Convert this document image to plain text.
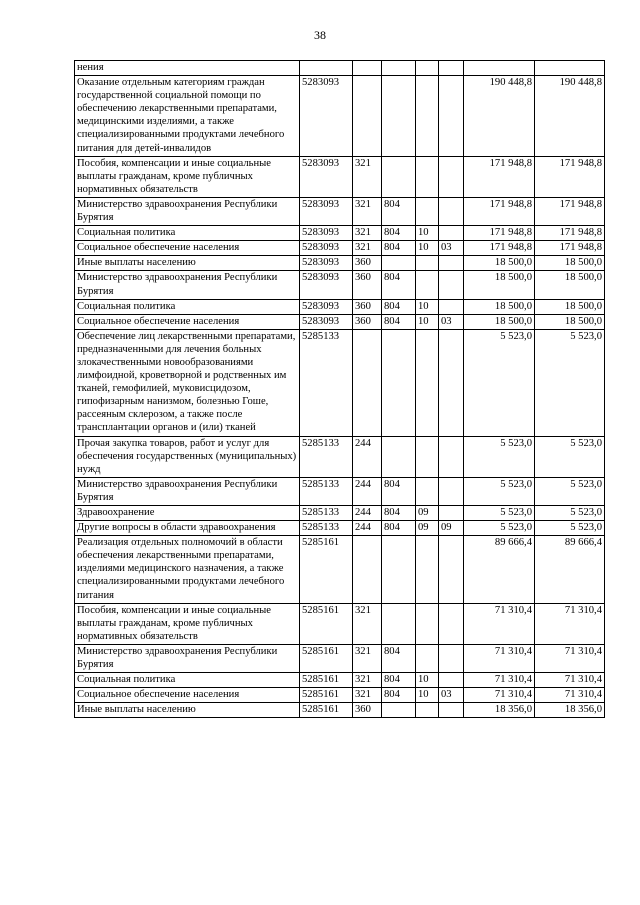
38
нения							
Оказание отдельным категориям граждан государственной социальной помощи по обеспечению лекарственными препаратами, медицинскими изделиями, а также специализированными продуктами лечебного питания для детей-инвалидов	5283093					190 448,8	190 448,8
Пособия, компенсации и иные социальные выплаты гражданам, кроме публичных нормативных обязательств	5283093	321				171 948,8	171 948,8
Министерство здравоохранения Республики Бурятия	5283093	321	804			171 948,8	171 948,8
Социальная политика	5283093	321	804	10		171 948,8	171 948,8
Социальное обеспечение населения	5283093	321	804	10	03	171 948,8	171 948,8
Иные выплаты населению	5283093	360				18 500,0	18 500,0
Министерство здравоохранения Республики Бурятия	5283093	360	804			18 500,0	18 500,0
Социальная политика	5283093	360	804	10		18 500,0	18 500,0
Социальное обеспечение населения	5283093	360	804	10	03	18 500,0	18 500,0
Обеспечение лиц лекарственными препаратами, предназначенными для лечения больных злокачественными новообразованиями лимфоидной, кроветворной и родственных им тканей, гемофилией, муковисцидозом, гипофизарным нанизмом, болезнью Гоше, рассеяным склерозом, а также после трансплантации органов и (или) тканей	5285133					5 523,0	5 523,0
Прочая закупка товаров, работ и услуг для обеспечения государственных (муниципальных) нужд	5285133	244				5 523,0	5 523,0
Министерство здравоохранения Республики Бурятия	5285133	244	804			5 523,0	5 523,0
Здравоохранение	5285133	244	804	09		5 523,0	5 523,0
Другие вопросы в области здравоохранения	5285133	244	804	09	09	5 523,0	5 523,0
Реализация отдельных полномочий в области обеспечения лекарственными препаратами, изделиями медицинского назначения, а также специализированными продуктами лечебного питания	5285161					89 666,4	89 666,4
Пособия, компенсации и иные социальные выплаты гражданам, кроме публичных нормативных обязательств	5285161	321				71 310,4	71 310,4
Министерство здравоохранения Республики Бурятия	5285161	321	804			71 310,4	71 310,4
Социальная политика	5285161	321	804	10		71 310,4	71 310,4
Социальное обеспечение населения	5285161	321	804	10	03	71 310,4	71 310,4
Иные выплаты населению	5285161	360				18 356,0	18 356,0
